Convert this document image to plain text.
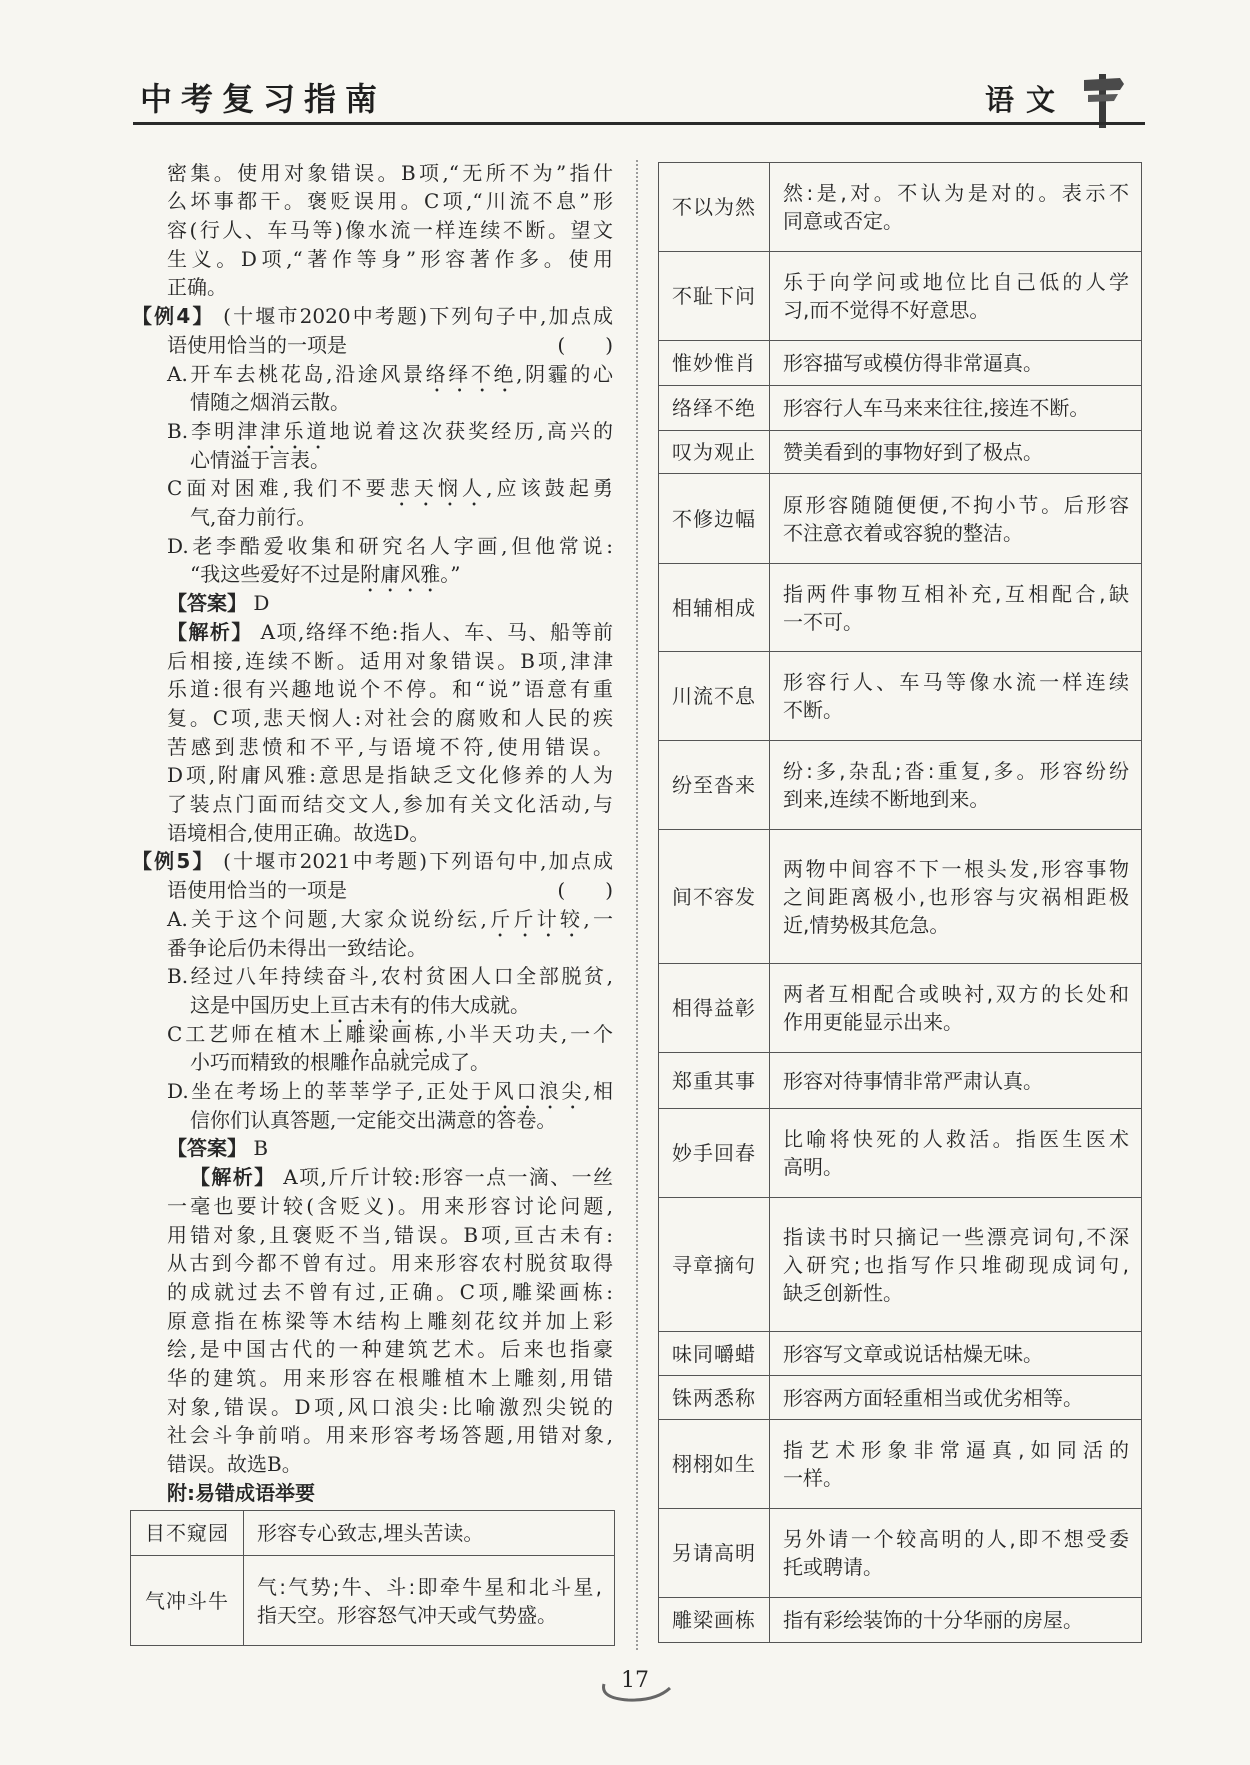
中考复习指南	语文
密集。使用对象错误。B项,“无所不为”指什
么坏事都干。褒贬误用。C项,“川流不息”形
容(行人、车马等)像水流一样连续不断。望文
生义。D项,“著作等身”形容著作多。使用
正确。
【例4】 (十堰市2020中考题)下列句子中,加点成
语使用恰当的一项是	(　　)
A.开车去桃花岛,沿途风景络绎不绝,阴霾的心
情随之烟消云散。
B.李明津津乐道地说着这次获奖经历,高兴的
心情溢于言表。
C面对困难,我们不要悲天悯人,应该鼓起勇
气,奋力前行。
D.老李酷爱收集和研究名人字画,但他常说:
“我这些爱好不过是附庸风雅。”
【答案】 D
【解析】 A项,络绎不绝:指人、车、马、船等前
后相接,连续不断。适用对象错误。B项,津津
乐道:很有兴趣地说个不停。和“说”语意有重
复。C项,悲天悯人:对社会的腐败和人民的疾
苦感到悲愤和不平,与语境不符,使用错误。
D项,附庸风雅:意思是指缺乏文化修养的人为
了装点门面而结交文人,参加有关文化活动,与
语境相合,使用正确。故选D。
【例5】 (十堰市2021中考题)下列语句中,加点成
语使用恰当的一项是	(　　)
A.关于这个问题,大家众说纷纭,斤斤计较,一
番争论后仍未得出一致结论。
B.经过八年持续奋斗,农村贫困人口全部脱贫,
这是中国历史上亘古未有的伟大成就。
C工艺师在植木上雕梁画栋,小半天功夫,一个
小巧而精致的根雕作品就完成了。
D.坐在考场上的莘莘学子,正处于风口浪尖,相
信你们认真答题,一定能交出满意的答卷。
【答案】 B
【解析】 A项,斤斤计较:形容一点一滴、一丝
一毫也要计较(含贬义)。用来形容讨论问题,
用错对象,且褒贬不当,错误。B项,亘古未有:
从古到今都不曾有过。用来形容农村脱贫取得
的成就过去不曾有过,正确。C项,雕梁画栋:
原意指在栋梁等木结构上雕刻花纹并加上彩
绘,是中国古代的一种建筑艺术。后来也指豪
华的建筑。用来形容在根雕植木上雕刻,用错
对象,错误。D项,风口浪尖:比喻激烈尖锐的
社会斗争前哨。用来形容考场答题,用错对象,
错误。故选B。
附:易错成语举要
目不窥园	形容专心致志,埋头苦读。

气冲斗牛	气:气势;牛、斗:即牵牛星和北斗星,
指天空。形容怒气冲天或气势盛。
不以为然	然:是,对。不认为是对的。表示不
同意或否定。

不耻下问	乐于向学问或地位比自己低的人学
习,而不觉得不好意思。

惟妙惟肖	形容描写或模仿得非常逼真。

络绎不绝	形容行人车马来来往往,接连不断。

叹为观止	赞美看到的事物好到了极点。

不修边幅	原形容随随便便,不拘小节。后形容
不注意衣着或容貌的整洁。

相辅相成	指两件事物互相补充,互相配合,缺
一不可。

川流不息	形容行人、车马等像水流一样连续
不断。

纷至沓来	纷:多,杂乱;沓:重复,多。形容纷纷
到来,连续不断地到来。

间不容发	两物中间容不下一根头发,形容事物
之间距离极小,也形容与灾祸相距极
近,情势极其危急。

相得益彰	两者互相配合或映衬,双方的长处和
作用更能显示出来。

郑重其事	形容对待事情非常严肃认真。

妙手回春	比喻将快死的人救活。指医生医术
高明。

寻章摘句	指读书时只摘记一些漂亮词句,不深
入研究;也指写作只堆砌现成词句,
缺乏创新性。

味同嚼蜡	形容写文章或说话枯燥无味。

铢两悉称	形容两方面轻重相当或优劣相等。

栩栩如生	指艺术形象非常逼真,如同活的
一样。

另请高明	另外请一个较高明的人,即不想受委
托或聘请。

雕梁画栋	指有彩绘装饰的十分华丽的房屋。
17
